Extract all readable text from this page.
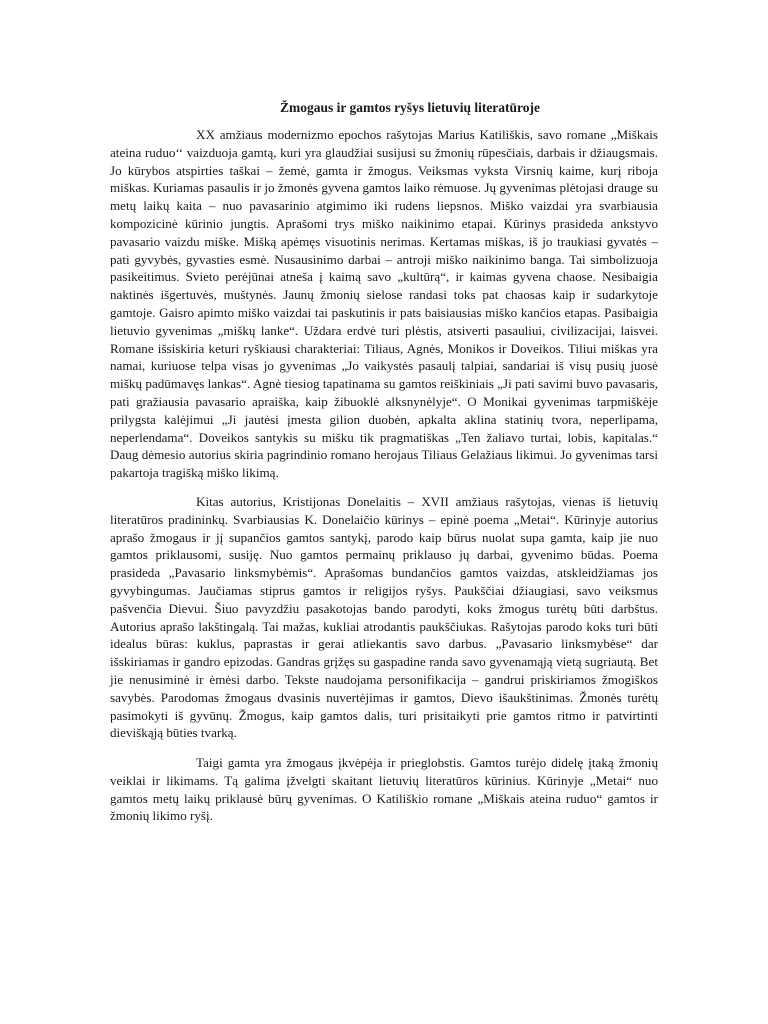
Žmogaus ir gamtos ryšys lietuvių literatūroje

XX amžiaus modernizmo epochos rašytojas Marius Katiliškis, savo romane „Miškais ateina ruduo‘‘ vaizduoja gamtą, kuri yra glaudžiai susijusi su žmonių rūpesčiais, darbais ir džiaugsmais. Jo kūrybos atspirties taškai – žemė, gamta ir žmogus. Veiksmas vyksta Virsnių kaime, kurį riboja miškas. Kuriamas pasaulis ir jo žmonės gyvena gamtos laiko rėmuose. Jų gyvenimas plėtojasi drauge su metų laikų kaita – nuo pavasarinio atgimimo iki rudens liepsnos. Miško vaizdai yra svarbiausia kompozicinė kūrinio jungtis. Aprašomi trys miško naikinimo etapai. Kūrinys prasideda ankstyvo pavasario vaizdu miške. Mišką apėmęs visuotinis nerimas. Kertamas miškas, iš jo traukiasi gyvatės – pati gyvybės, gyvasties esmė. Nusausinimo darbai – antroji miško naikinimo banga. Tai simbolizuoja pasikeitimus. Svieto perėjūnai atneša į kaimą savo „kultūrą“, ir kaimas gyvena chaose. Nesibaigia naktinės išgertuvės, muštynės. Jaunų žmonių sielose randasi toks pat chaosas kaip ir sudarkytoje gamtoje. Gaisro apimto miško vaizdai tai paskutinis ir pats baisiausias miško kančios etapas. Pasibaigia lietuvio gyvenimas „miškų lanke“. Uždara erdvė turi plėstis, atsiverti pasauliui, civilizacijai, laisvei. Romane išsiskiria keturi ryškiausi charakteriai: Tiliaus, Agnės, Monikos ir Doveikos. Tiliui miškas yra namai, kuriuose telpa visas jo gyvenimas „Jo vaikystės pasaulį talpiai, sandariai iš visų pusių juosė miškų padūmavęs lankas“. Agnė tiesiog tapatinama su gamtos reiškiniais „Ji pati savimi buvo pavasaris, pati gražiausia pavasario apraiška, kaip žibuoklė alksnynėlyje“. O Monikai gyvenimas tarpmiškėje prilygsta kalėjimui „Ji jautėsi įmesta gilion duobėn, apkalta aklina statinių tvora, neperlipama, neperlendama“. Doveikos santykis su mišku tik pragmatiškas „Ten žaliavo turtai, lobis, kapitalas.“ Daug dėmesio autorius skiria pagrindinio romano herojaus Tiliaus Gelažiaus likimui. Jo gyvenimas tarsi pakartoja tragišką miško likimą.

Kitas autorius, Kristijonas Donelaitis – XVII amžiaus rašytojas, vienas iš lietuvių literatūros pradininkų. Svarbiausias K. Donelaičio kūrinys – epinė poema „Metai“. Kūrinyje autorius aprašo žmogaus ir jį supančios gamtos santykį, parodo kaip būrus nuolat supa gamta, kaip jie nuo gamtos priklausomi, susiję. Nuo gamtos permainų priklauso jų darbai, gyvenimo būdas. Poema prasideda „Pavasario linksmybėmis“. Aprašomas bundančios gamtos vaizdas, atskleidžiamas jos gyvybingumas. Jaučiamas stiprus gamtos ir religijos ryšys. Paukščiai džiaugiasi, savo veiksmus pašvenčia Dievui. Šiuo pavyzdžiu pasakotojas bando parodyti, koks žmogus turėtų būti darbštus. Autorius aprašo lakštingalą. Tai mažas, kukliai atrodantis paukščiukas. Rašytojas parodo koks turi būti idealus būras: kuklus, paprastas ir gerai atliekantis savo darbus. „Pavasario linksmybėse“ dar išskiriamas ir gandro epizodas. Gandras grįžęs su gaspadine randa savo gyvenamąją vietą sugriautą. Bet jie nenusiminė ir ėmėsi darbo. Tekste naudojama personifikacija – gandrui priskiriamos žmogiškos savybės. Parodomas žmogaus dvasinis nuvertėjimas ir gamtos, Dievo išaukštinimas. Žmonės turėtų pasimokyti iš gyvūnų. Žmogus, kaip gamtos dalis, turi prisitaikyti prie gamtos ritmo ir patvirtinti dieviškąją būties tvarką.

Taigi gamta yra žmogaus įkvėpėja ir prieglobstis. Gamtos turėjo didelę įtaką žmonių veiklai ir likimams. Tą galima įžvelgti skaitant lietuvių literatūros kūrinius. Kūrinyje „Metai“ nuo gamtos metų laikų priklausė būrų gyvenimas. O Katiliškio romane „Miškais ateina ruduo“ gamtos ir žmonių likimo ryšį.
